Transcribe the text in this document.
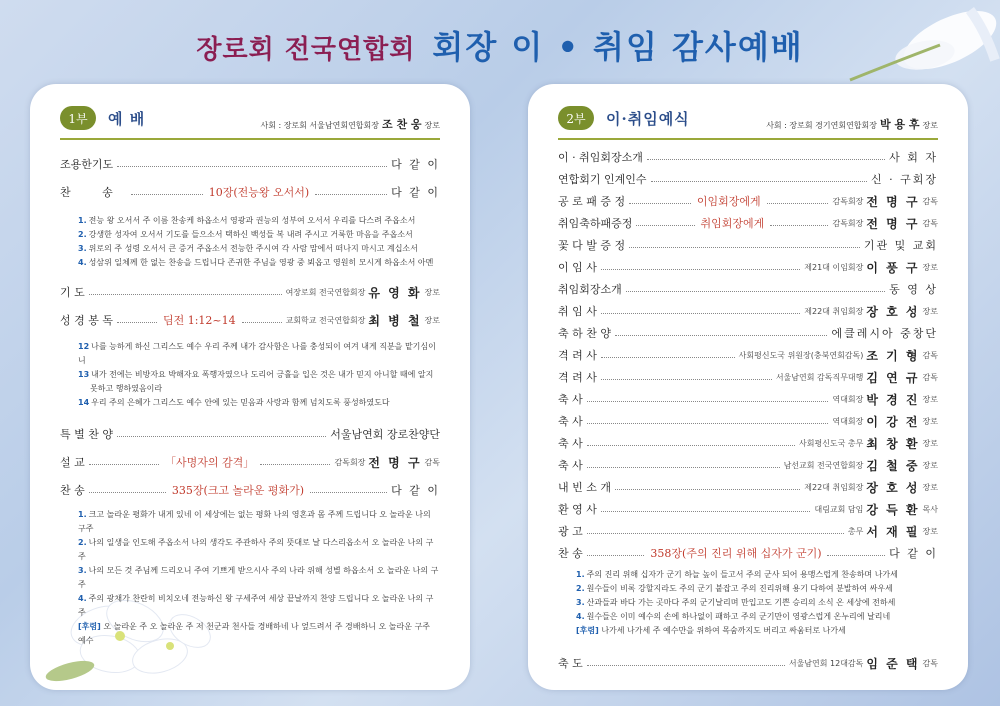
장로회 전국연합회 회장 이 • 취임 감사예배
1부	예 배	사회 : 장로회 서울남연회연합회장 조 찬 웅 장로
조용한기도	다 같 이
찬 송	10장(전능왕 오서서)	다 같 이
1. 전능 왕 오서서 주 이름 찬송케 하옵소서 영광과 권능의 성부여 오서서 우리를 다스려 주옵소서
2. 강생한 성자여 오서서 기도를 들으소서 택하신 백성들 복 내려 주시고 거룩한 마음을 주옵소서
3. 위로의 주 성령 오서서 큰 증거 주옵소서 전능한 주시여 각 사람 맘에서 떠나지 마시고 계십소서
4. 성삼위 일체께 한 없는 찬송을 드립니다 존귀한 주님을 영광 중 뵈옵고 영원히 모시게 하옵소서 아멘
기 도	여장로회 전국연합회장 유 영 화 장로
성 경 봉 독	딤전 1:12~14	교회학교 전국연합회장 최 병 철 장로
12 나를 능하게 하신 그리스도 예수 우리 주께 내가 감사함은 나를 충성되이 여겨 내게 직분을 맡기심이니
13 내가 전에는 비방자요 박해자요 폭행자였으나 도리어 긍휼을 입은 것은 내가 믿지 아니할 때에 알지
못하고 행하였음이라
14 우리 주의 은혜가 그리스도 예수 안에 있는 믿음과 사랑과 함께 넘치도록 풍성하였도다
특 별 찬 양	서울남연회 장로찬양단
설 교	「사명자의 감격」	감독회장 전 명 구 감독
찬 송	335장(크고 놀라운 평화가)	다 같 이
1. 크고 놀라운 평화가 내게 있네 이 세상에는 없는 평화 나의 영혼과 몸 주께 드립니다 오 놀라운 나의 구주
2. 나의 일생을 인도해 주옵소서 나의 생각도 주관하사 주의 뜻대로 날 다스리옵소서 오 놀라운 나의 구주
3. 나의 모든 것 주님께 드리오니 주여 기쁘게 받으시사 주의 나라 위해 성별 하옵소서 오 놀라운 나의 구주
4. 주의 광채가 찬란히 비치오네 전능하신 왕 구세주여 세상 끝날까지 찬양 드립니다 오 놀라운 나의 구주
[후렴] 오 놀라운 주 오 놀라운 주 저 천군과 천사들 경배하네 나 엎드려서 주 경배하니 오 놀라운 구주 예수
2부	이·취임예식	사회 : 장로회 경기연회연합회장 박 용 후 장로
이 · 취임회장소개	사 회 자
연합회기 인계인수	신 · 구회장
공 로 패 증 정	이임회장에게	감독회장 전 명 구 감독
취임축하패증정	취임회장에게	감독회장 전 명 구 감독
꽃 다 발 증 정	기관 및 교회
이 임 사	제21대 이임회장 이 풍 구 장로
취임회장소개	동 영 상
취 임 사	제22대 취임회장 장 호 성 장로
축 하 찬 양	에클레시아 중창단
격 려 사	사회평신도국 위원장(충북연회감독) 조 기 형 감독
격 려 사	서울남연회 감독직무대행 김 연 규 감독
축 사	역대회장 박 경 진 장로
축 사	역대회장 이 강 전 장로
축 사	사회평신도국 총무 최 창 환 장로
축 사	남선교회 전국연합회장 김 철 중 장로
내 빈 소 개	제22대 취임회장 장 호 성 장로
환 영 사	대림교회 담임 강 득 환 목사
광 고	총무 서 재 필 장로
찬 송	358장(주의 진리 위해 십자가 군기)	다 같 이
1. 주의 진리 위해 십자가 군기 하늘 높이 들고서 주의 군사 되어 용맹스럽게 찬송하며 나가세
2. 원수들이 비록 강할지라도 주의 군기 붙잡고 주의 진리위해 용기 다하여 분발하여 싸우세
3. 산과들과 바다 가는 곳마다 주의 군기날리며 만입고도 기쁜 승리의 소식 온 세상에 전하세
4. 원수들은 이미 예수의 손에 하나없이 패하고 주의 군기만이 영광스럽게 온누리에 날리네
[후렴] 나가세 나가세 주 예수만을 위하여 목숨까지도 버리고 싸움터로 나가세
축 도	서울남연회 12대감독 임 준 택 감독
